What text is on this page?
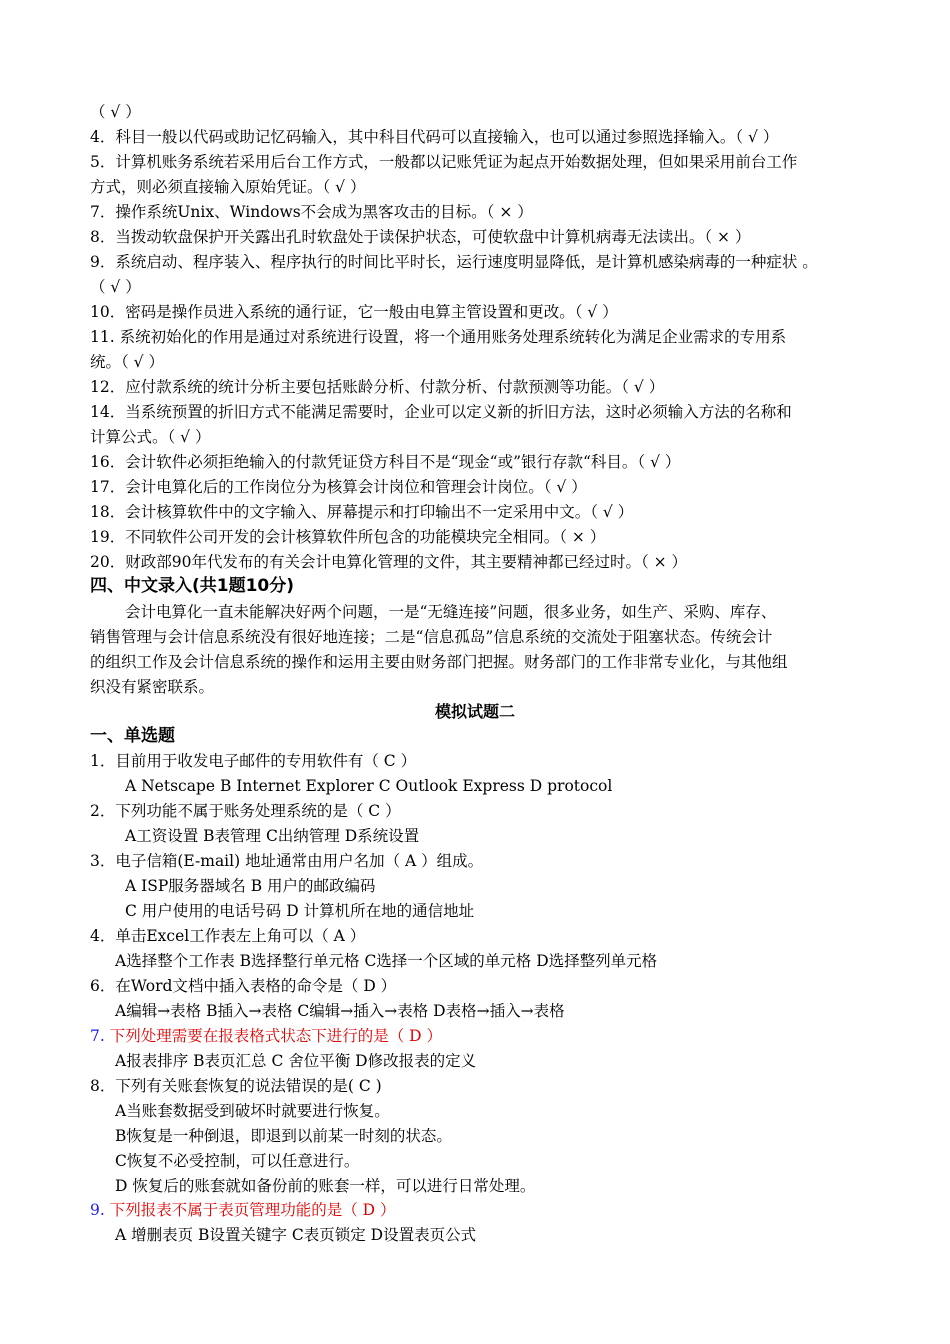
（ √ ）
4．科目一般以代码或助记忆码输入，其中科目代码可以直接输入，也可以通过参照选择输入。（ √ ）
5．计算机账务系统若采用后台工作方式，一般都以记账凭证为起点开始数据处理，但如果采用前台工作
方式，则必须直接输入原始凭证。（ √ ）
7．操作系统Unix、Windows不会成为黑客攻击的目标。（ × ）
8．当拨动软盘保护开关露出孔时软盘处于读保护状态，可使软盘中计算机病毒无法读出。（ × ）
9．系统启动、程序装入、程序执行的时间比平时长，运行速度明显降低，是计算机感染病毒的一种症状 。
（ √ ）
10．密码是操作员进入系统的通行证，它一般由电算主管设置和更改。（ √ ）
11. 系统初始化的作用是通过对系统进行设置，将一个通用账务处理系统转化为满足企业需求的专用系
统。（ √ ）
12．应付款系统的统计分析主要包括账龄分析、付款分析、付款预测等功能。（ √ ）
14．当系统预置的折旧方式不能满足需要时，企业可以定义新的折旧方法，这时必须输入方法的名称和
计算公式。（ √ ）
16．会计软件必须拒绝输入的付款凭证贷方科目不是“现金“或”银行存款“科目。（ √ ）
17．会计电算化后的工作岗位分为核算会计岗位和管理会计岗位。（ √ ）
18．会计核算软件中的文字输入、屏幕提示和打印输出不一定采用中文。（ √ ）
19．不同软件公司开发的会计核算软件所包含的功能模块完全相同。（ × ）
20．财政部90年代发布的有关会计电算化管理的文件，其主要精神都已经过时。（ × ）
四、中文录入(共1题10分)
会计电算化一直未能解决好两个问题，一是“无缝连接”问题，很多业务，如生产、采购、库存、
销售管理与会计信息系统没有很好地连接；二是“信息孤岛”信息系统的交流处于阻塞状态。传统会计
的组织工作及会计信息系统的操作和运用主要由财务部门把握。财务部门的工作非常专业化，与其他组
织没有紧密联系。
模拟试题二
一、单选题
1．目前用于收发电子邮件的专用软件有（ C ）
A Netscape B Internet Explorer C Outlook Express D protocol
2．下列功能不属于账务处理系统的是（ C ）
A工资设置 B表管理 C出纳管理 D系统设置
3．电子信箱(E-mail) 地址通常由用户名加（ A ）组成。
A ISP服务器域名 B 用户的邮政编码
C 用户使用的电话号码 D 计算机所在地的通信地址
4．单击Excel工作表左上角可以（ A ）
A选择整个工作表 B选择整行单元格 C选择一个区域的单元格 D选择整列单元格
6．在Word文档中插入表格的命令是（ D ）
A编辑→表格 B插入→表格 C编辑→插入→表格 D表格→插入→表格
7. 下列处理需要在报表格式状态下进行的是（ D ）
A报表排序 B表页汇总 C 舍位平衡 D修改报表的定义
8．下列有关账套恢复的说法错误的是( C )
A当账套数据受到破坏时就要进行恢复。
B恢复是一种倒退，即退到以前某一时刻的状态。
C恢复不必受控制，可以任意进行。
D 恢复后的账套就如备份前的账套一样，可以进行日常处理。
9. 下列报表不属于表页管理功能的是（ D ）
A 增删表页 B设置关键字 C表页锁定 D设置表页公式
